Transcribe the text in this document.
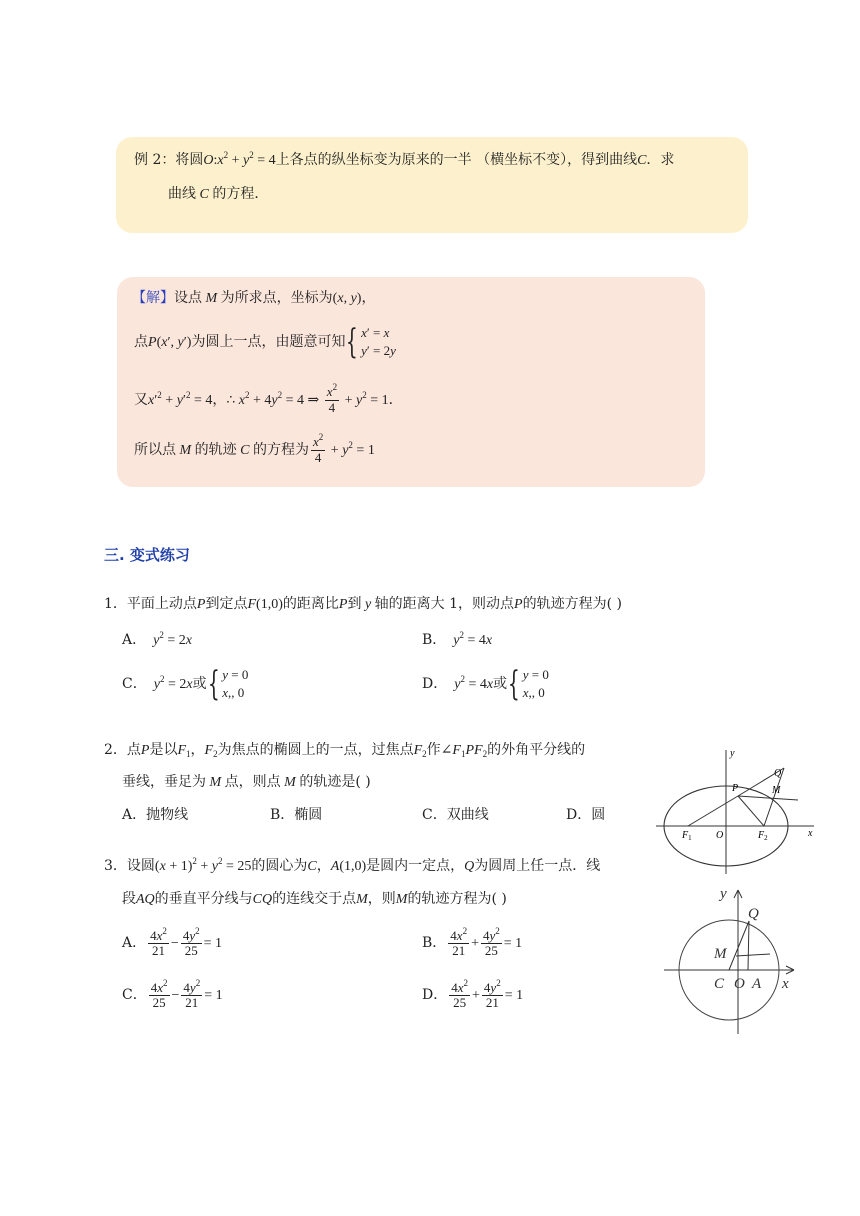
例 2：将圆$O:x^2 + y^2 = 4$上各点的纵坐标变为原来的一半 （横坐标不变），得到曲线C．求
曲线 C 的方程．
【解】设点 M 为所求点，坐标为(x, y)，
点P(x′, y′)为圆上一点，由题意可知{ x′ = x
y′ = 2y
又$x'^2 + y'^2 = 4$，∴ $x^2 + 4y^2 = 4$ ⇒ $\frac{x^2}{4} + y^2 = 1$．
所以点 M 的轨迹 C 的方程为 $\frac{x^2}{4} + y^2 = 1$
三. 变式练习
1．平面上动点P到定点F(1,0)的距离比P到 y 轴的距离大 1，则动点P的轨迹方程为( )
A．  $y^2 = 2x$	B．  $y^2 = 4x$
C．  $y^2 = 2x$或{ y = 0
x,, 0
D．  $y^2 = 4x$或{ y = 0
x,, 0
2．点P是以$F_1$，$F_2$为焦点的椭圆上的一点，过焦点$F_2$作$\angle F_1PF_2$的外角平分线的
垂线，垂足为 M 点，则点 M 的轨迹是( )
A．抛物线	B．椭圆	C．双曲线	D．圆
y
x
P
Q
M
$F_1$ O	$F_2$
3．设圆$(x + 1)^2 + y^2 = 25$的圆心为C，A(1,0)是圆内一定点，Q为圆周上任一点．线
段AQ的垂直平分线与CQ的连线交于点M，则M的轨迹方程为( )
A． $\frac{4x^2}{21} - \frac{4y^2}{25} = 1$	B． $\frac{4x^2}{21} + \frac{4y^2}{25} = 1$
C． $\frac{4x^2}{25} - \frac{4y^2}{21} = 1$	D． $\frac{4x^2}{25} + \frac{4y^2}{21} = 1$
Q
M
C O A x
y
